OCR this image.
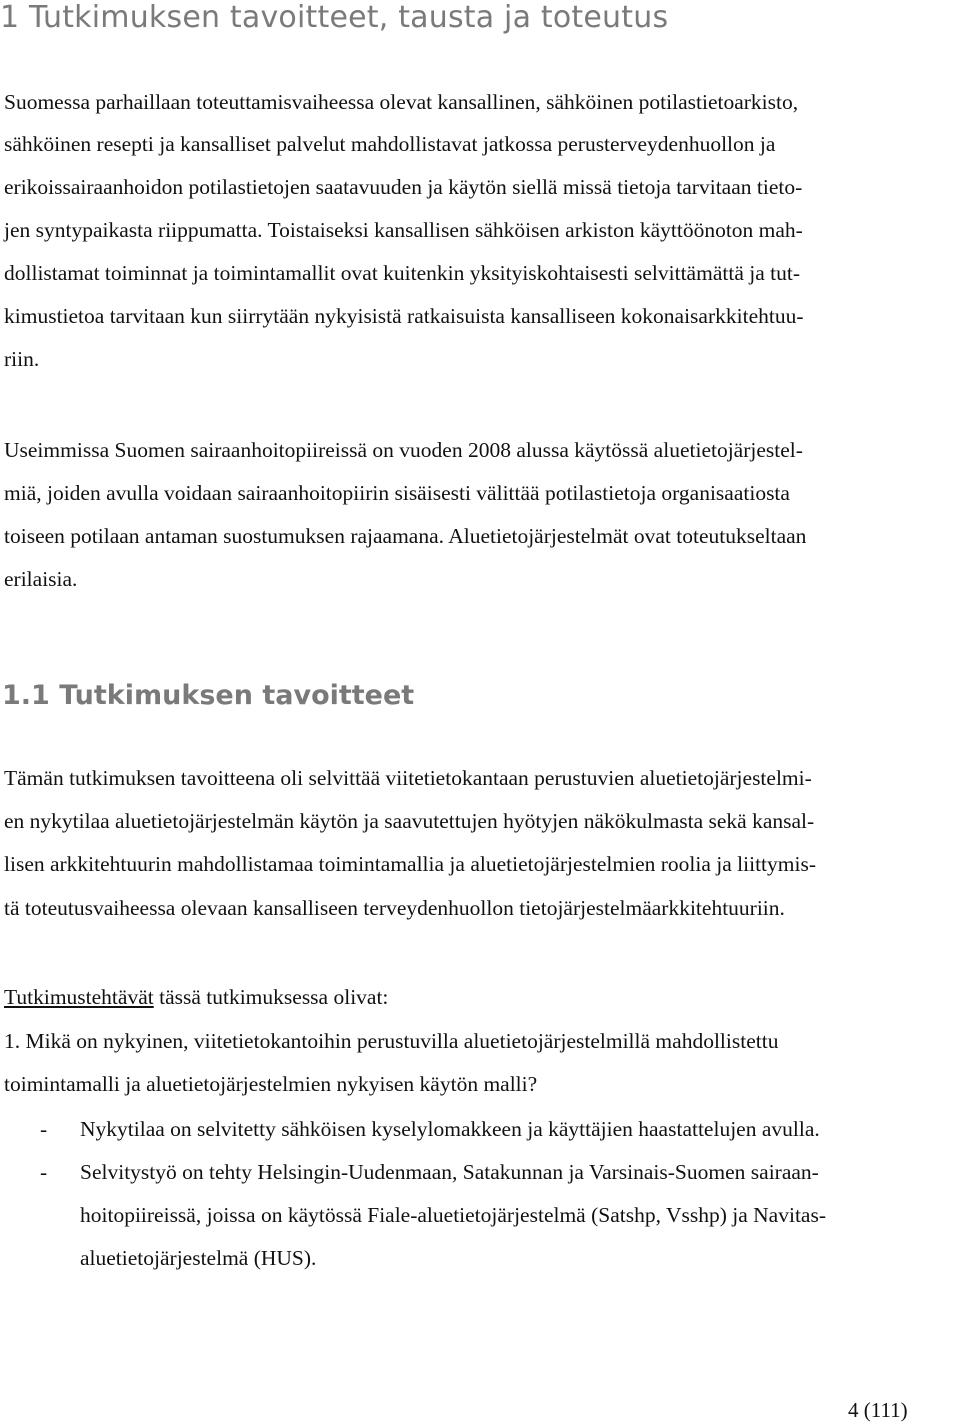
1 Tutkimuksen tavoitteet, tausta ja toteutus
Suomessa parhaillaan toteuttamisvaiheessa olevat kansallinen, sähköinen potilastietoarkisto,
sähköinen resepti ja kansalliset palvelut mahdollistavat jatkossa perusterveydenhuollon ja
erikoissairaanhoidon potilastietojen saatavuuden ja käytön siellä missä tietoja tarvitaan tieto-
jen syntypaikasta riippumatta. Toistaiseksi kansallisen sähköisen arkiston käyttöönoton mah-
dollistamat toiminnat ja toimintamallit ovat kuitenkin yksityiskohtaisesti selvittämättä ja tut-
kimustietoa tarvitaan kun siirrytään nykyisistä ratkaisuista kansalliseen kokonaisarkkitehtuu-
riin.
Useimmissa Suomen sairaanhoitopiireissä on vuoden 2008 alussa käytössä aluetietojärjestel-
miä, joiden avulla voidaan sairaanhoitopiirin sisäisesti välittää potilastietoja organisaatiosta
toiseen potilaan antaman suostumuksen rajaamana. Aluetietojärjestelmät ovat toteutukseltaan
erilaisia.
1.1 Tutkimuksen tavoitteet
Tämän tutkimuksen tavoitteena oli selvittää viitetietokantaan perustuvien aluetietojärjestelmi-
en nykytilaa aluetietojärjestelmän käytön ja saavutettujen hyötyjen näkökulmasta sekä kansal-
lisen arkkitehtuurin mahdollistamaa toimintamallia ja aluetietojärjestelmien roolia ja liittymis-
tä toteutusvaiheessa olevaan kansalliseen terveydenhuollon tietojärjestelmäarkkitehtuuriin.
Tutkimustehtävät tässä tutkimuksessa olivat:
1. Mikä on nykyinen, viitetietokantoihin perustuvilla aluetietojärjestelmillä mahdollistettu
toimintamalli ja aluetietojärjestelmien nykyisen käytön malli?
- Nykytilaa on selvitetty sähköisen kyselylomakkeen ja käyttäjien haastattelujen avulla.
- Selvitystyö on tehty Helsingin-Uudenmaan, Satakunnan ja Varsinais-Suomen sairaan-
hoitopiireissä, joissa on käytössä Fiale-aluetietojärjestelmä (Satshp, Vsshp) ja Navitas-
aluetietojärjestelmä (HUS).
4 (111)
